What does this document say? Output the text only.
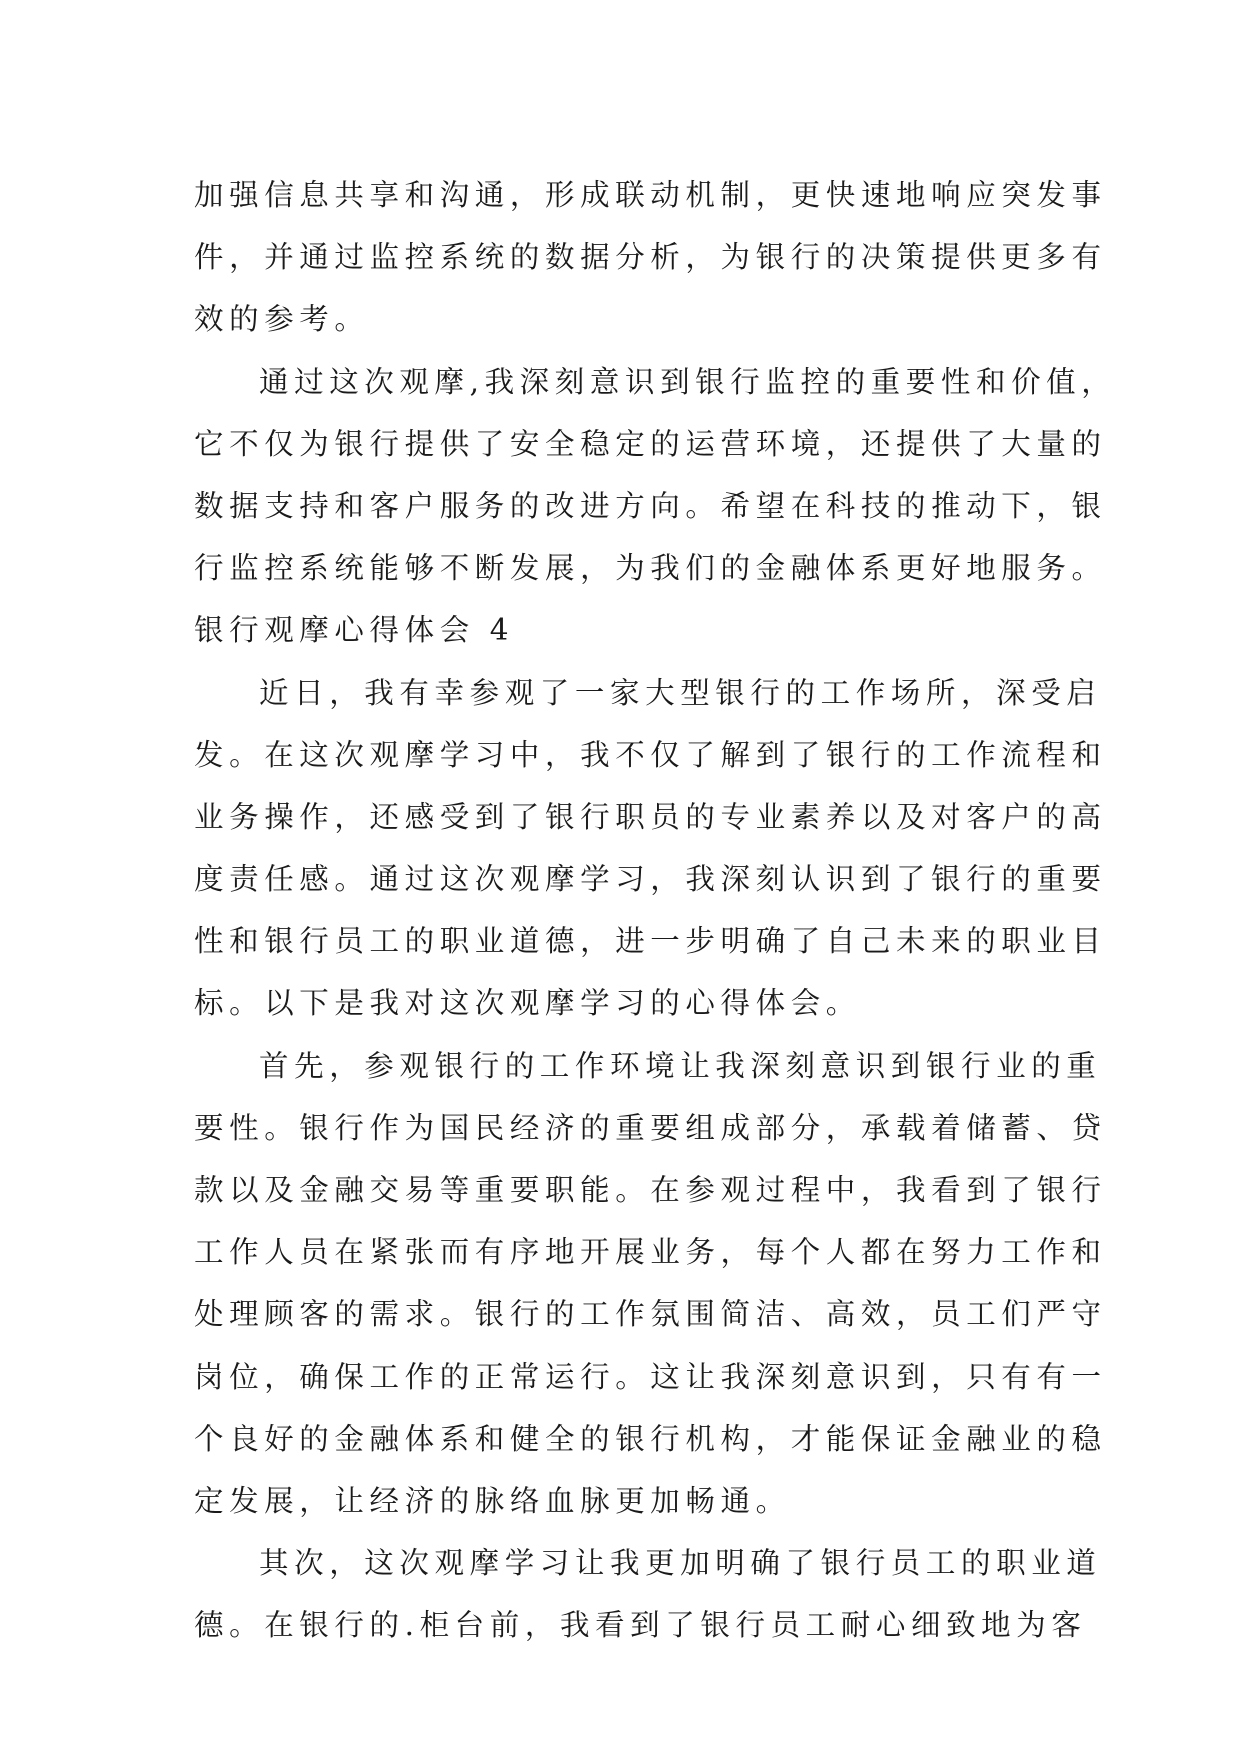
加强信息共享和沟通，形成联动机制，更快速地响应突发事
件，并通过监控系统的数据分析，为银行的决策提供更多有
效的参考。
通过这次观摩,我深刻意识到银行监控的重要性和价值，
它不仅为银行提供了安全稳定的运营环境，还提供了大量的
数据支持和客户服务的改进方向。希望在科技的推动下，银
行监控系统能够不断发展，为我们的金融体系更好地服务。
银行观摩心得体会 4
近日，我有幸参观了一家大型银行的工作场所，深受启
发。在这次观摩学习中，我不仅了解到了银行的工作流程和
业务操作，还感受到了银行职员的专业素养以及对客户的高
度责任感。通过这次观摩学习，我深刻认识到了银行的重要
性和银行员工的职业道德，进一步明确了自己未来的职业目
标。以下是我对这次观摩学习的心得体会。
首先，参观银行的工作环境让我深刻意识到银行业的重
要性。银行作为国民经济的重要组成部分，承载着储蓄、贷
款以及金融交易等重要职能。在参观过程中，我看到了银行
工作人员在紧张而有序地开展业务，每个人都在努力工作和
处理顾客的需求。银行的工作氛围简洁、高效，员工们严守
岗位，确保工作的正常运行。这让我深刻意识到，只有有一
个良好的金融体系和健全的银行机构，才能保证金融业的稳
定发展，让经济的脉络血脉更加畅通。
其次，这次观摩学习让我更加明确了银行员工的职业道
德。在银行的.柜台前，我看到了银行员工耐心细致地为客
